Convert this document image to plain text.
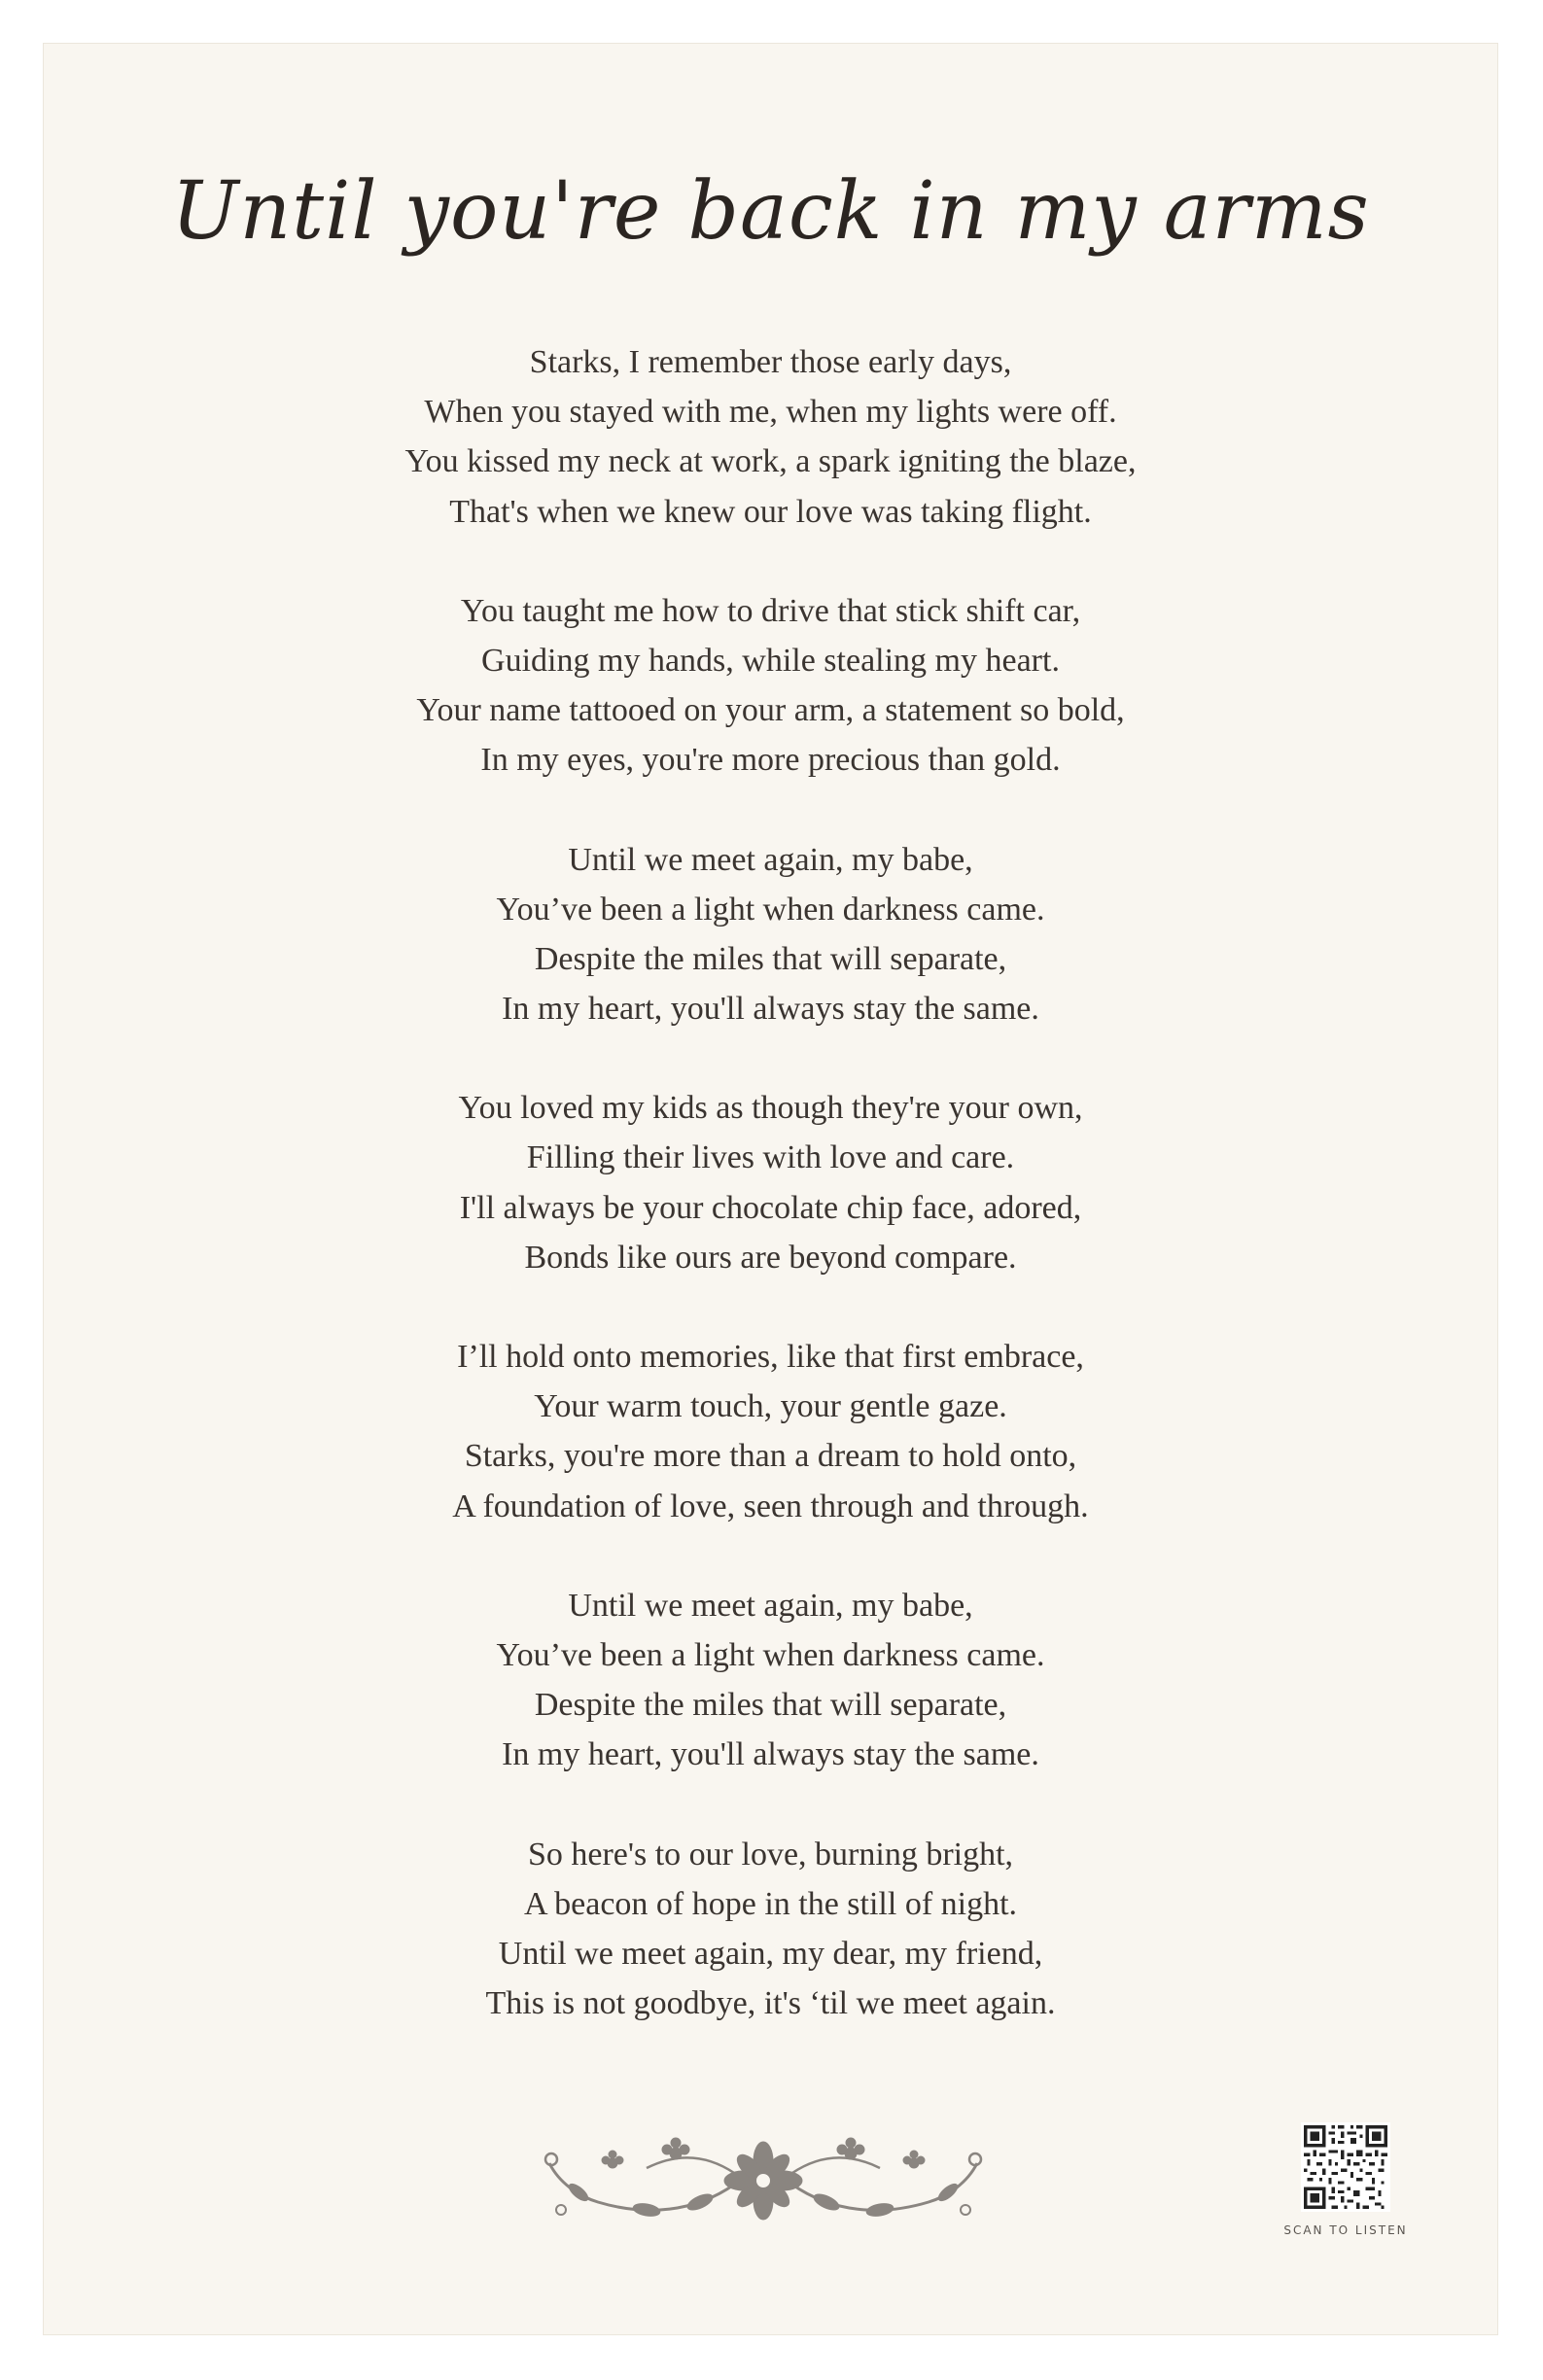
Until you're back in my arms
Starks, I remember those early days,
When you stayed with me, when my lights were off.
You kissed my neck at work, a spark igniting the blaze,
That's when we knew our love was taking flight.
You taught me how to drive that stick shift car,
Guiding my hands, while stealing my heart.
Your name tattooed on your arm, a statement so bold,
In my eyes, you're more precious than gold.
Until we meet again, my babe,
You’ve been a light when darkness came.
Despite the miles that will separate,
In my heart, you'll always stay the same.
You loved my kids as though they're your own,
Filling their lives with love and care.
I'll always be your chocolate chip face, adored,
Bonds like ours are beyond compare.
I’ll hold onto memories, like that first embrace,
Your warm touch, your gentle gaze.
Starks, you're more than a dream to hold onto,
A foundation of love, seen through and through.
Until we meet again, my babe,
You’ve been a light when darkness came.
Despite the miles that will separate,
In my heart, you'll always stay the same.
So here's to our love, burning bright,
A beacon of hope in the still of night.
Until we meet again, my dear, my friend,
This is not goodbye, it's ‘til we meet again.
SCAN TO LISTEN
